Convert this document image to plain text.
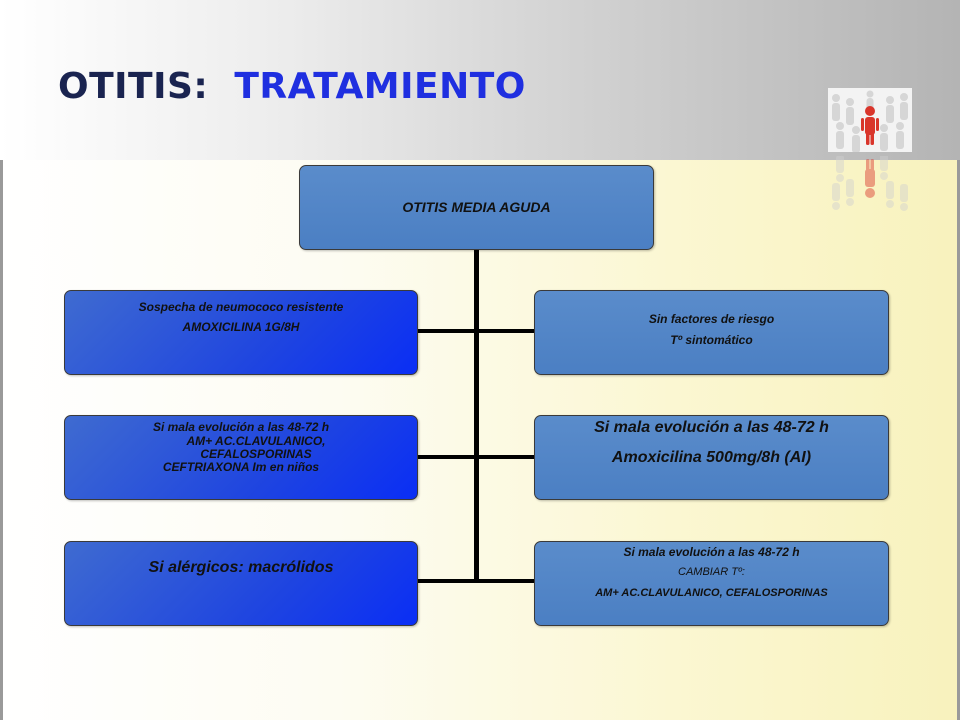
OTITIS: TRATAMIENTO
OTITIS MEDIA AGUDA
Sospecha de neumococo resistente
AMOXICILINA 1G/8H
Si mala evolución a las 48-72 h
AM+ AC.CLAVULANICO, CEFALOSPORINAS
CEFTRIAXONA Im en niños
Si alérgicos: macrólidos
Sin factores de riesgo
Tº sintomático
Si mala evolución a las 48-72 h
Amoxicilina 500mg/8h (AI)
Si mala evolución a las 48-72 h
CAMBIAR Tº:
AM+ AC.CLAVULANICO, CEFALOSPORINAS
